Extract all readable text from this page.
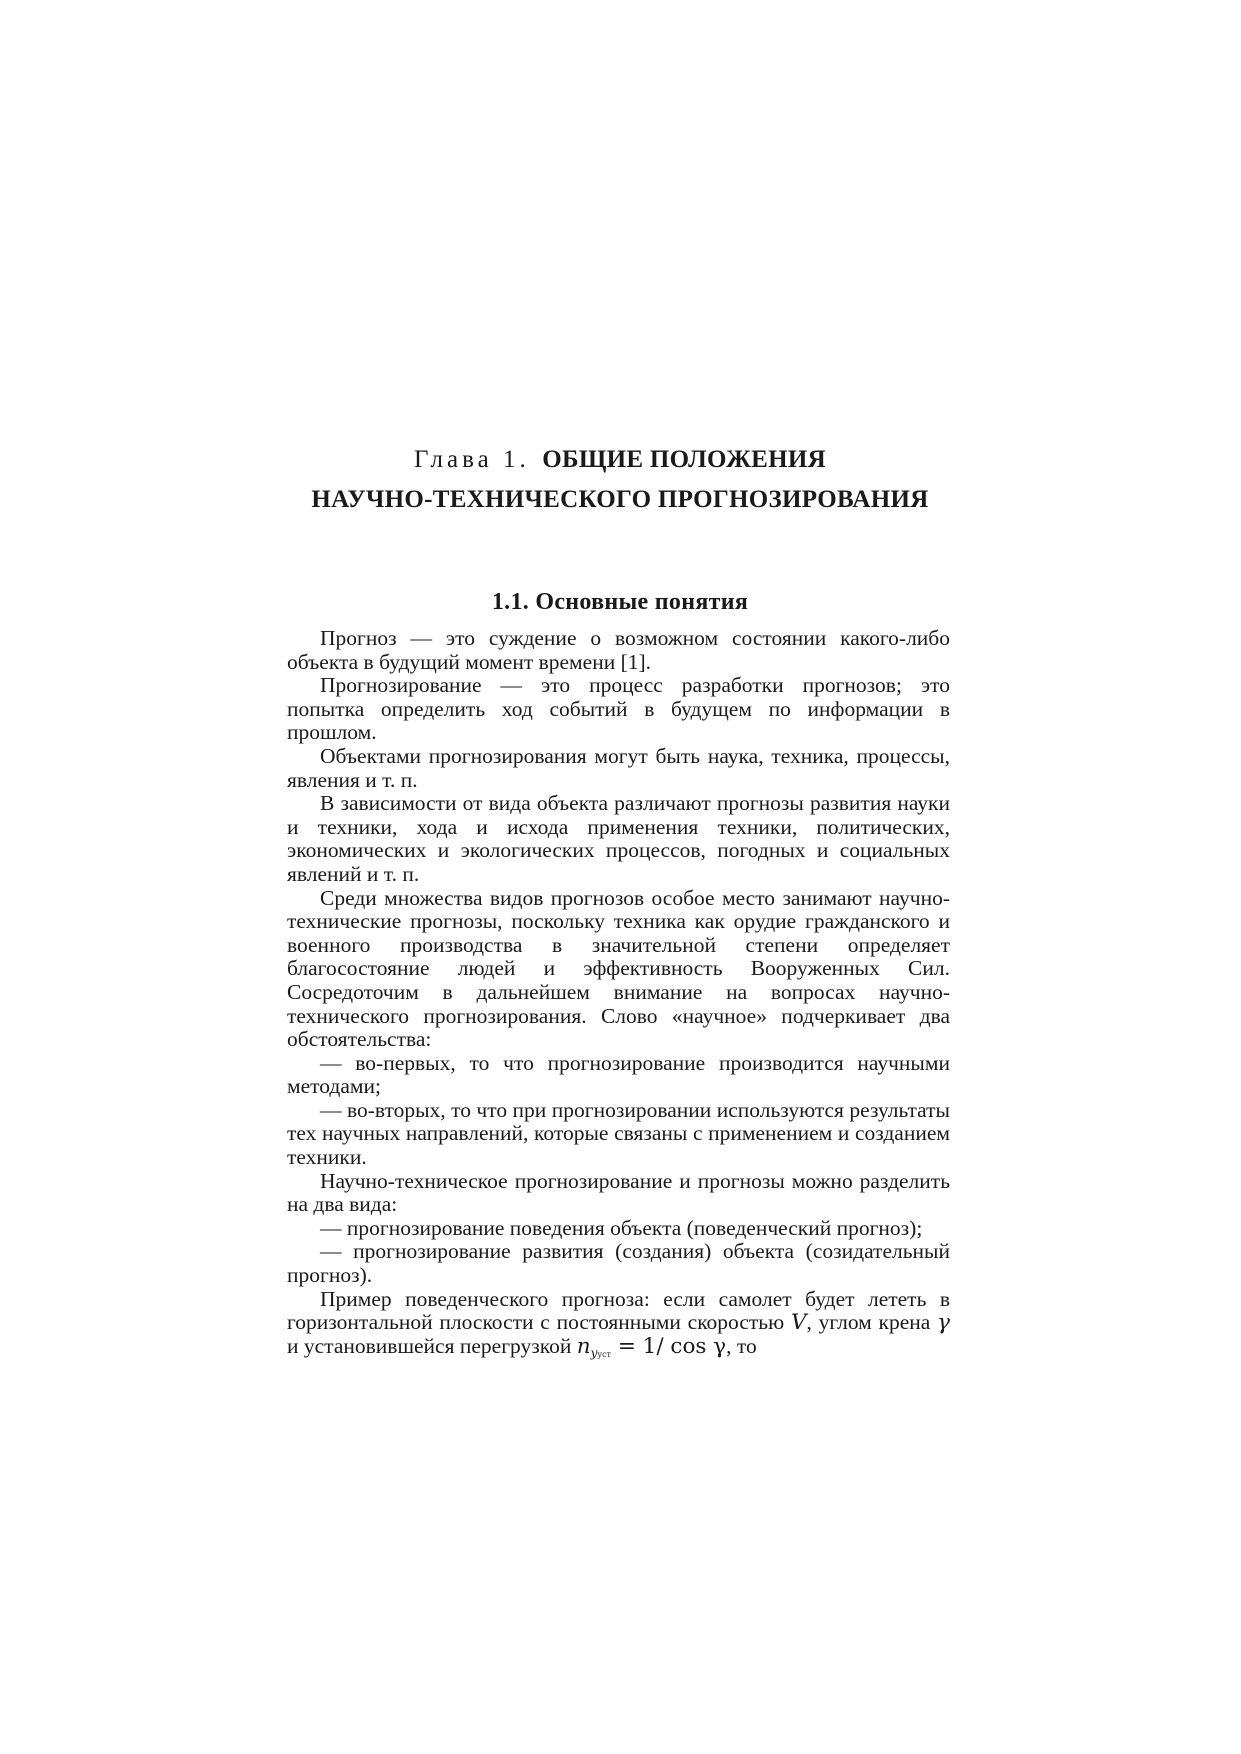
Глава 1. ОБЩИЕ ПОЛОЖЕНИЯ
НАУЧНО-ТЕХНИЧЕСКОГО ПРОГНОЗИРОВАНИЯ
1.1. Основные понятия

Прогноз — это суждение о возможном состоянии какого-либо объекта в будущий момент времени [1].

Прогнозирование — это процесс разработки прогнозов; это попытка определить ход событий в будущем по информации в прошлом.

Объектами прогнозирования могут быть наука, техника, процессы, явления и т. п.

В зависимости от вида объекта различают прогнозы развития науки и техники, хода и исхода применения техники, политических, экономических и экологических процессов, погодных и социальных явлений и т. п.

Среди множества видов прогнозов особое место занимают научно-технические прогнозы, поскольку техника как орудие гражданского и военного производства в значительной степени определяет благосостояние людей и эффективность Вооруженных Сил. Сосредоточим в дальнейшем внимание на вопросах научно-технического прогнозирования. Слово «научное» подчеркивает два обстоятельства:

— во-первых, то что прогнозирование производится научными методами;

— во-вторых, то что при прогнозировании используются результаты тех научных направлений, которые связаны с применением и созданием техники.

Научно-техническое прогнозирование и прогнозы можно разделить на два вида:

— прогнозирование поведения объекта (поведенческий прогноз);

— прогнозирование развития (создания) объекта (созидательный прогноз).

Пример поведенческого прогноза: если самолет будет лететь в горизонтальной плоскости с постоянными скоростью V, углом крена γ и установившейся перегрузкой $n_{yуст} = 1/$ cos γ, то
